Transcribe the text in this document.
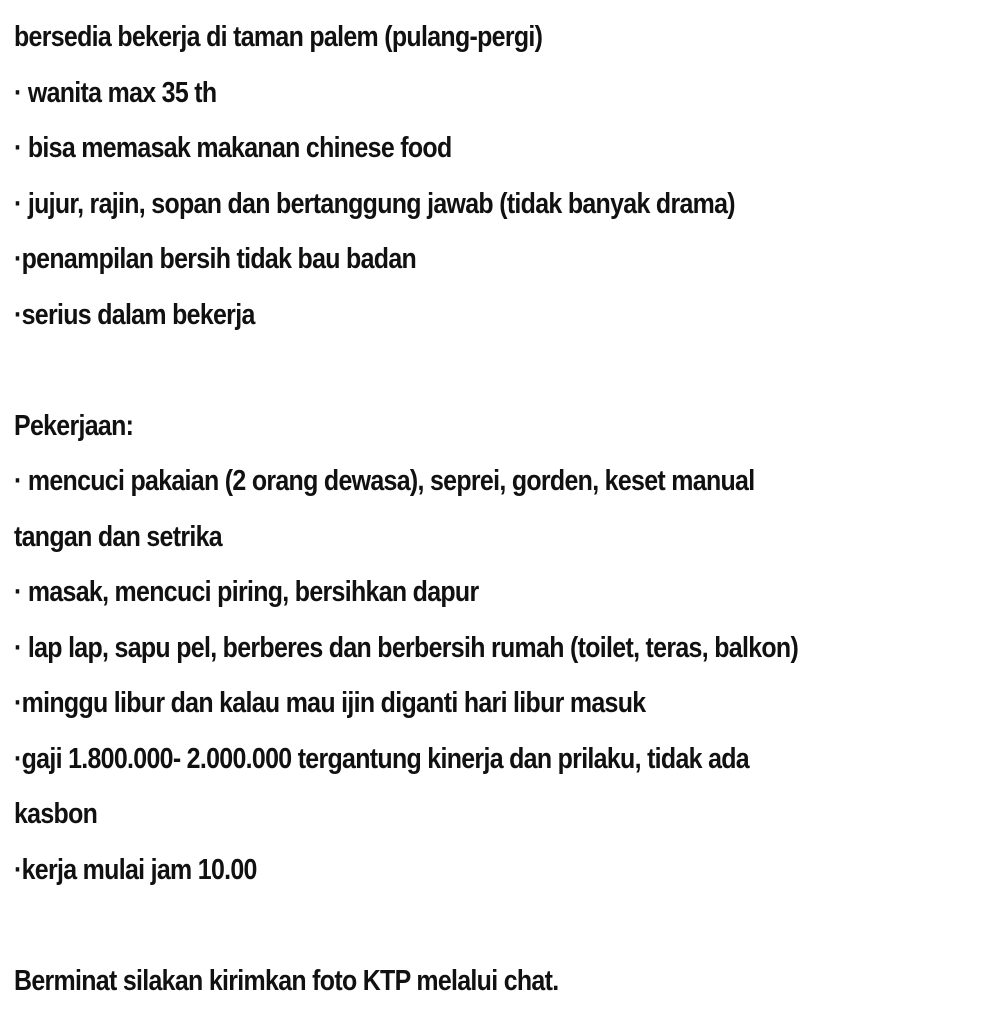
bersedia bekerja di taman palem (pulang-pergi)
· wanita max 35 th
· bisa memasak makanan chinese food
· jujur, rajin, sopan dan bertanggung jawab (tidak banyak drama)
·penampilan bersih tidak bau badan
·serius dalam bekerja
Pekerjaan:
· mencuci pakaian (2 orang dewasa), seprei, gorden, keset manual
tangan dan setrika
· masak, mencuci piring, bersihkan dapur
· lap lap, sapu pel, berberes dan berbersih rumah (toilet, teras, balkon)
·minggu libur dan kalau mau ijin diganti hari libur masuk
·gaji 1.800.000- 2.000.000 tergantung kinerja dan prilaku, tidak ada
kasbon
·kerja mulai jam 10.00
Berminat silakan kirimkan foto KTP melalui chat.
